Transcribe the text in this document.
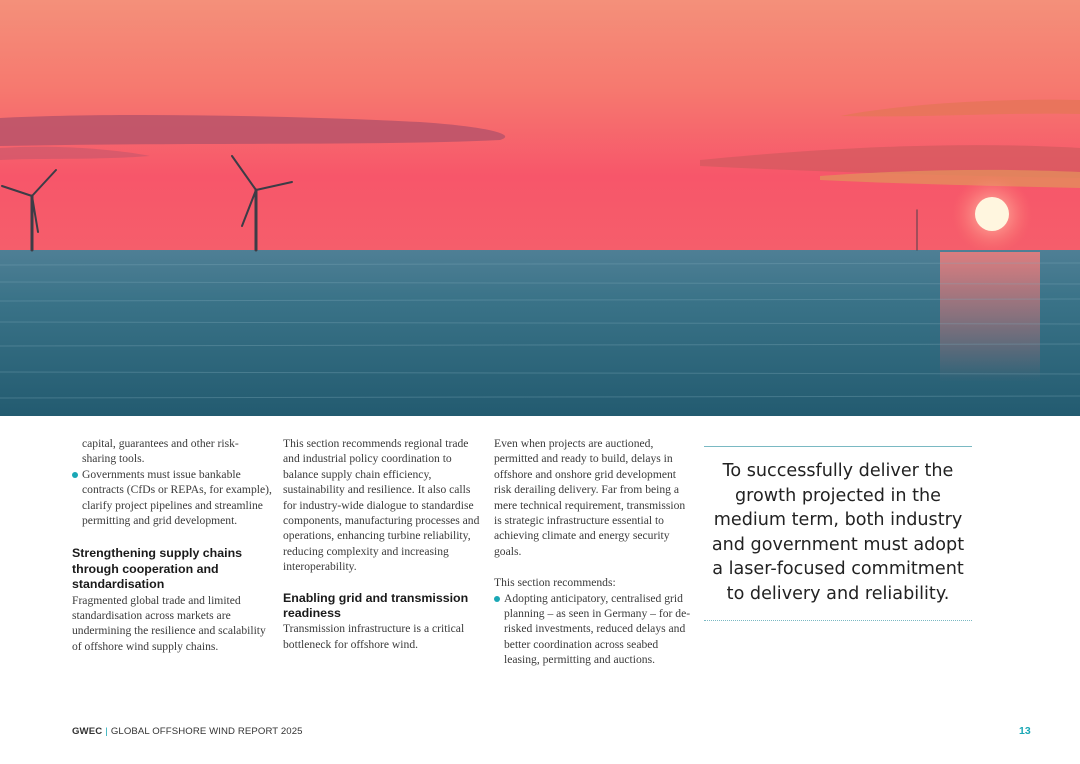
capital, guarantees and other risk-sharing tools.

Governments must issue bankable contracts (CfDs or REPAs, for example), clarify project pipelines and streamline permitting and grid development.

Strengthening supply chains through cooperation and standardisation

Fragmented global trade and limited standardisation across markets are undermining the resilience and scalability of offshore wind supply chains.

This section recommends regional trade and industrial policy coordination to balance supply chain efficiency, sustainability and resilience. It also calls for industry-wide dialogue to standardise components, manufacturing processes and operations, enhancing turbine reliability, reducing complexity and increasing interoperability.

Enabling grid and transmission readiness

Transmission infrastructure is a critical bottleneck for offshore wind.

Even when projects are auctioned, permitted and ready to build, delays in offshore and onshore grid development risk derailing delivery. Far from being a mere technical requirement, transmission is strategic infrastructure essential to achieving climate and energy security goals.

This section recommends:

Adopting anticipatory, centralised grid planning – as seen in Germany – for de-risked investments, reduced delays and better coordination across seabed leasing, permitting and auctions.

To successfully deliver the growth projected in the medium term, both industry and government must adopt a laser-focused commitment to delivery and reliability.

GWEC | GLOBAL OFFSHORE WIND REPORT 2025	13
